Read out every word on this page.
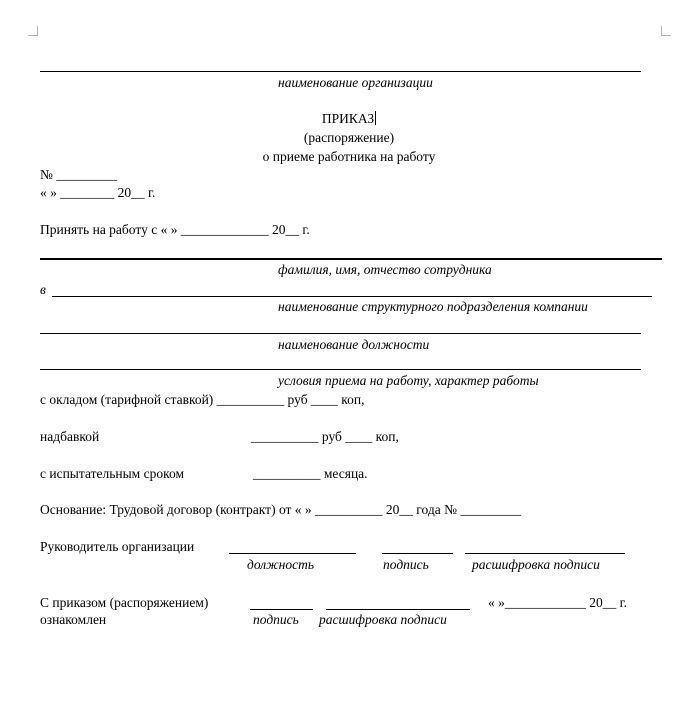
наименование организации
ПРИКАЗ
(распоряжение)
о приеме работника на работу
№ _________
« » ________ 20__ г.
Принять на работу с « » _____________ 20__ г.
фамилия, имя, отчество сотрудника
в
наименование структурного подразделения компании
наименование должности
условия приема на работу, характер работы
с окладом (тарифной ставкой) __________ руб ____ коп,
надбавкой	__________ руб ____ коп,
с испытательным сроком	__________ месяца.
Основание: Трудовой договор (контракт) от « » __________ 20__ года № _________
Руководитель организации
должность	подпись	расшифровка подписи
С приказом (распоряжением)
ознакомлен
« »____________ 20__ г.
подпись расшифровка подписи
